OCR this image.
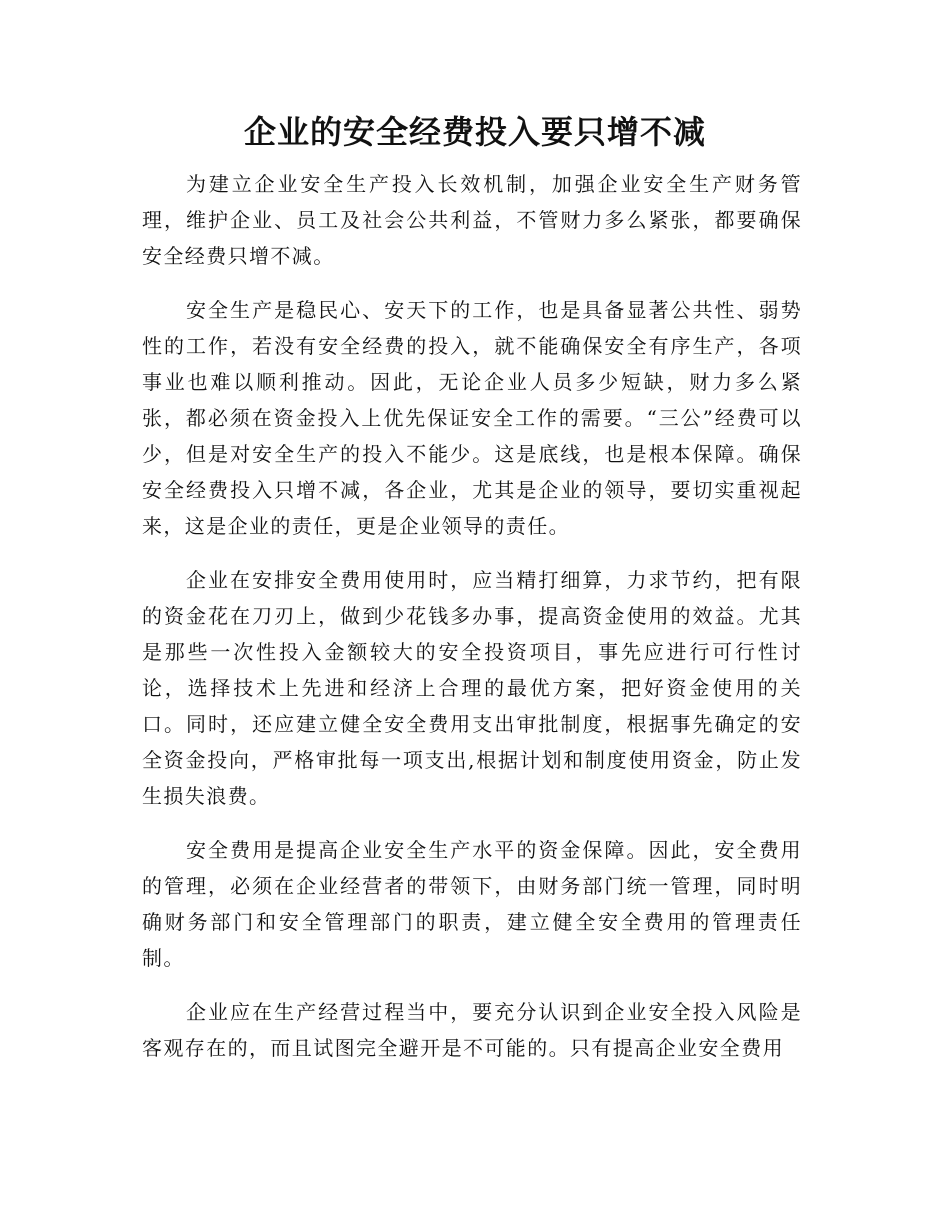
企业的安全经费投入要只增不减

为建立企业安全生产投入长效机制，加强企业安全生产财务管理，维护企业、员工及社会公共利益，不管财力多么紧张，都要确保安全经费只增不减。

安全生产是稳民心、安天下的工作，也是具备显著公共性、弱势性的工作，若没有安全经费的投入，就不能确保安全有序生产，各项事业也难以顺利推动。因此，无论企业人员多少短缺，财力多么紧张，都必须在资金投入上优先保证安全工作的需要。“三公”经费可以少，但是对安全生产的投入不能少。这是底线，也是根本保障。确保安全经费投入只增不减，各企业，尤其是企业的领导，要切实重视起来，这是企业的责任，更是企业领导的责任。

企业在安排安全费用使用时，应当精打细算，力求节约，把有限的资金花在刀刃上，做到少花钱多办事，提高资金使用的效益。尤其是那些一次性投入金额较大的安全投资项目，事先应进行可行性讨论，选择技术上先进和经济上合理的最优方案，把好资金使用的关口。同时，还应建立健全安全费用支出审批制度，根据事先确定的安全资金投向，严格审批每一项支出,根据计划和制度使用资金，防止发生损失浪费。

安全费用是提高企业安全生产水平的资金保障。因此，安全费用的管理，必须在企业经营者的带领下，由财务部门统一管理，同时明确财务部门和安全管理部门的职责，建立健全安全费用的管理责任制。

企业应在生产经营过程当中，要充分认识到企业安全投入风险是客观存在的，而且试图完全避开是不可能的。只有提高企业安全费用
